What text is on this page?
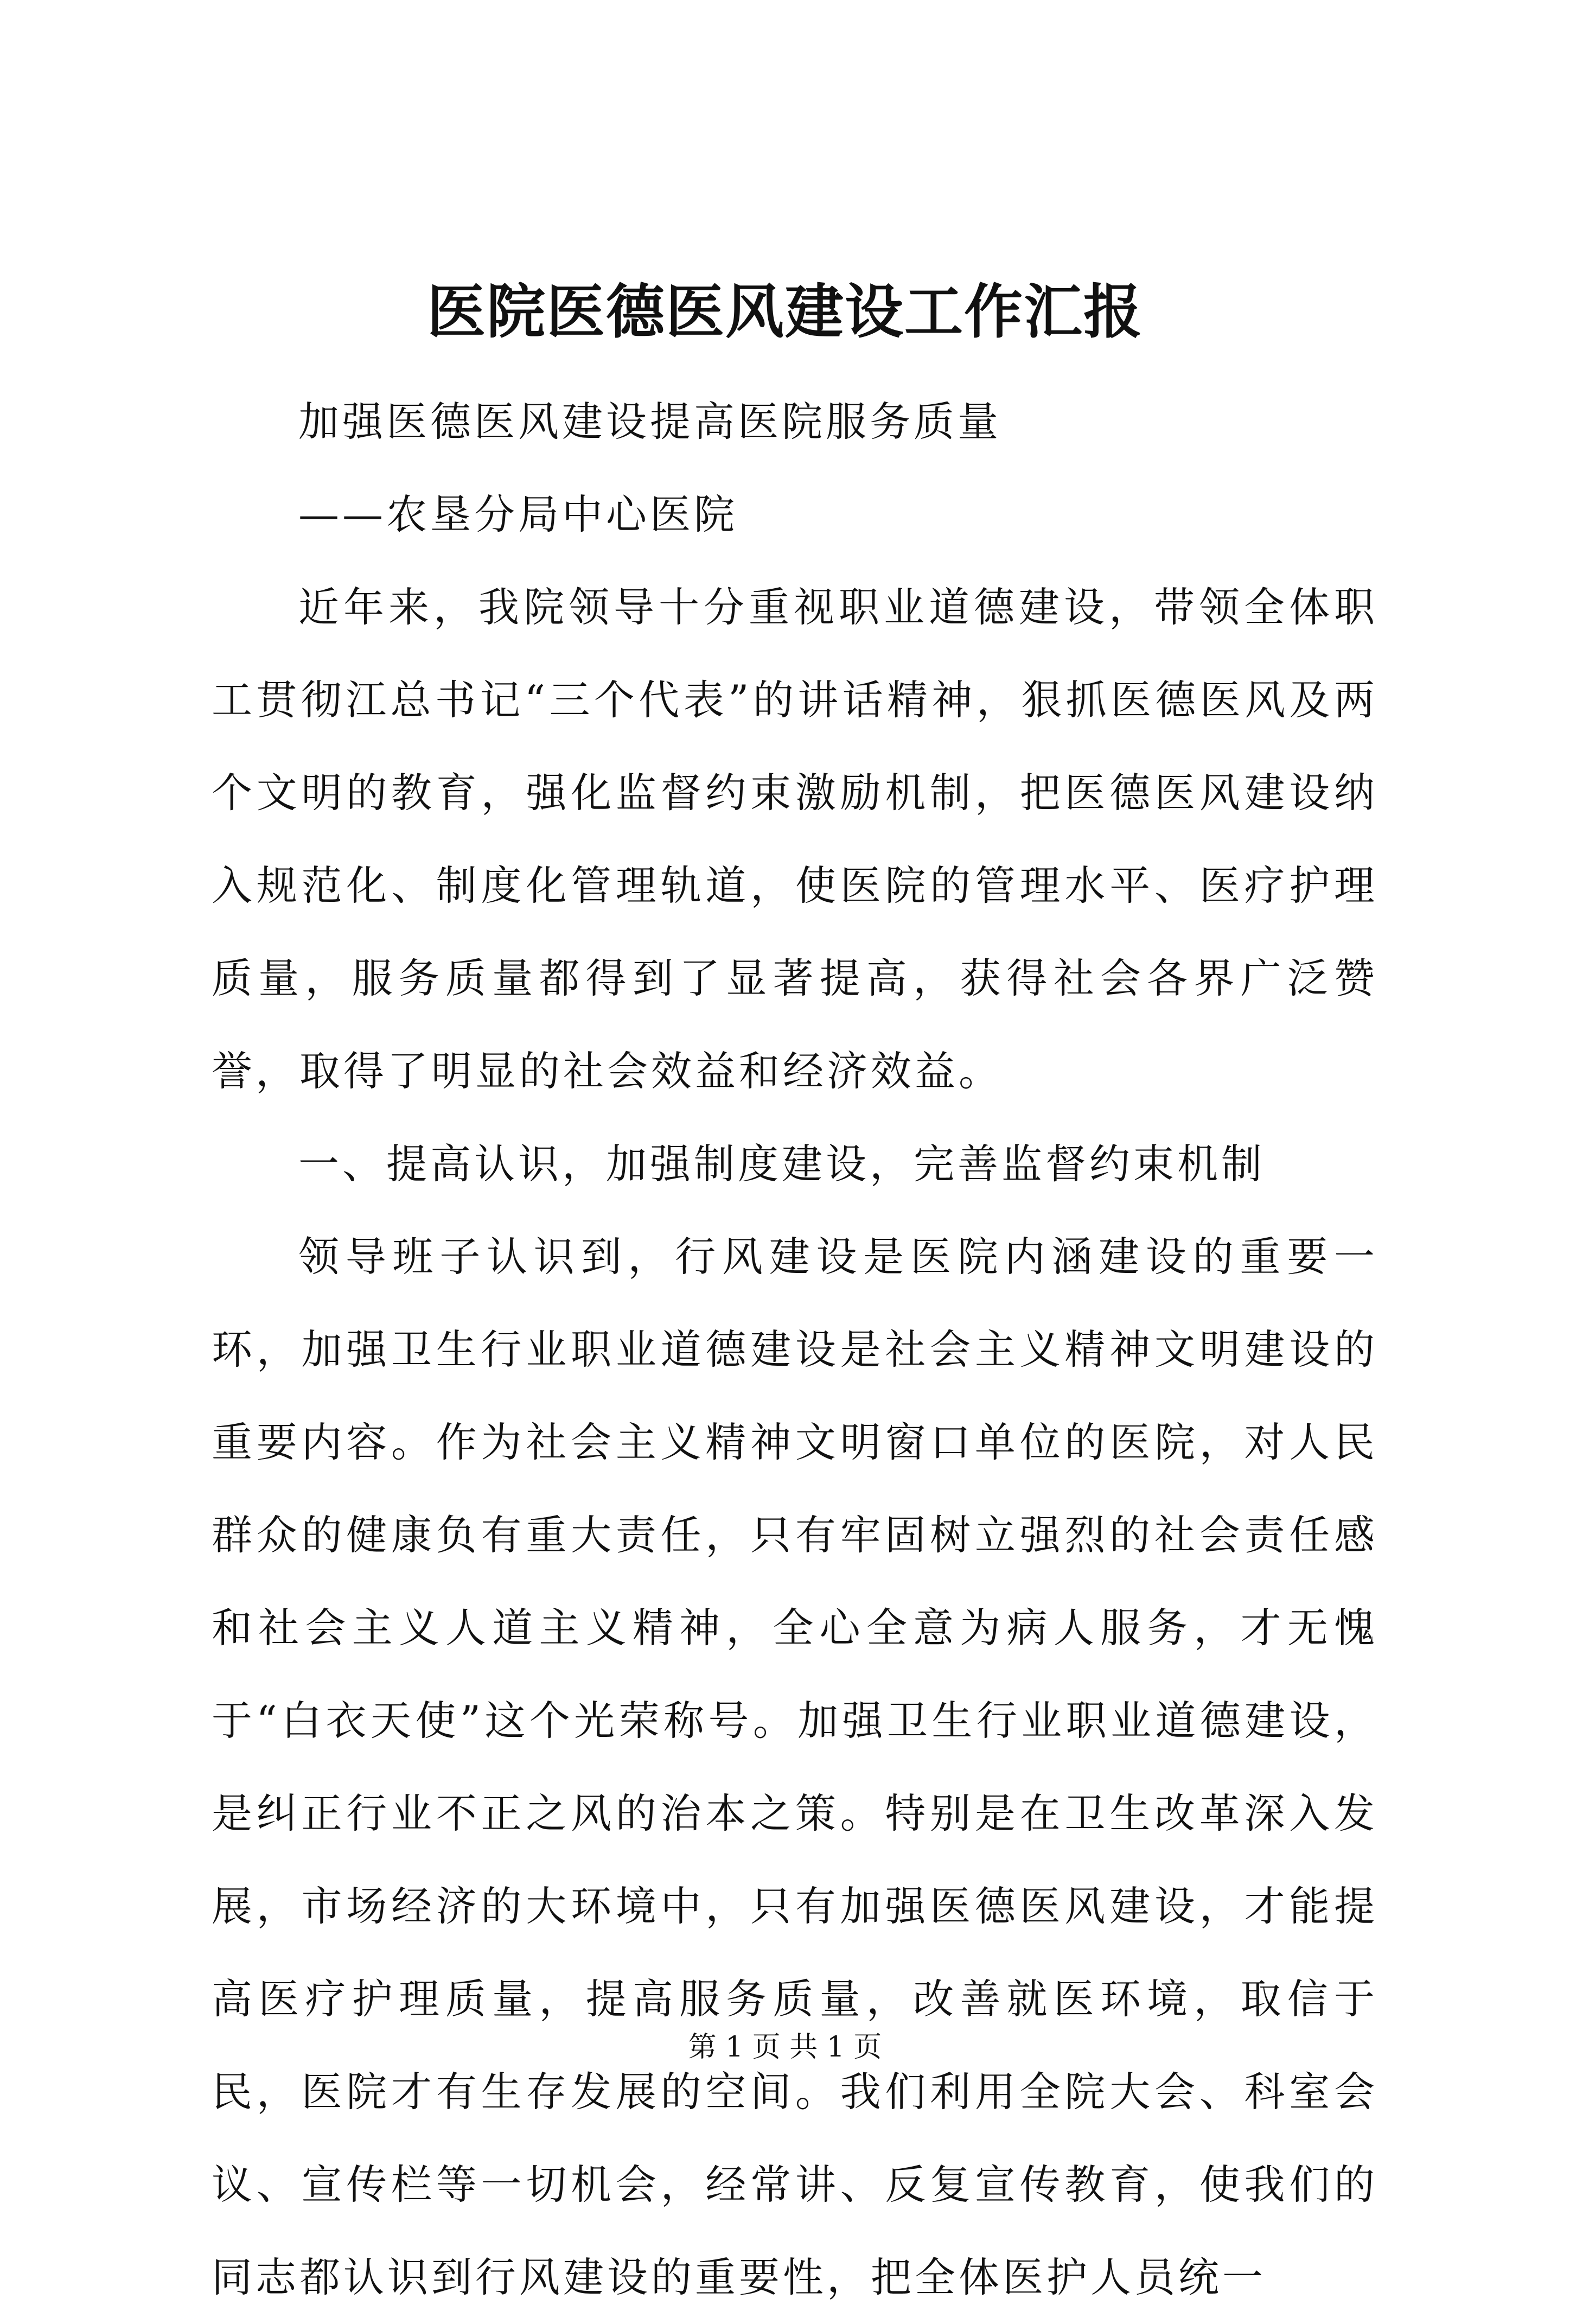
医院医德医风建设工作汇报

加强医德医风建设提高医院服务质量

——农垦分局中心医院

近年来，我院领导十分重视职业道德建设，带领全体职工贯彻江总书记“三个代表”的讲话精神，狠抓医德医风及两个文明的教育，强化监督约束激励机制，把医德医风建设纳入规范化、制度化管理轨道，使医院的管理水平、医疗护理质量，服务质量都得到了显著提高，获得社会各界广泛赞誉，取得了明显的社会效益和经济效益。

一、提高认识，加强制度建设，完善监督约束机制

领导班子认识到，行风建设是医院内涵建设的重要一环，加强卫生行业职业道德建设是社会主义精神文明建设的重要内容。作为社会主义精神文明窗口单位的医院，对人民群众的健康负有重大责任，只有牢固树立强烈的社会责任感和社会主义人道主义精神，全心全意为病人服务，才无愧于“白衣天使”这个光荣称号。加强卫生行业职业道德建设，是纠正行业不正之风的治本之策。特别是在卫生改革深入发展，市场经济的大环境中，只有加强医德医风建设，才能提高医疗护理质量，提高服务质量，改善就医环境，取信于民，医院才有生存发展的空间。我们利用全院大会、科室会议、宣传栏等一切机会，经常讲、反复宣传教育，使我们的同志都认识到行风建设的重要性，把全体医护人员统一

第 1 页 共 1 页
